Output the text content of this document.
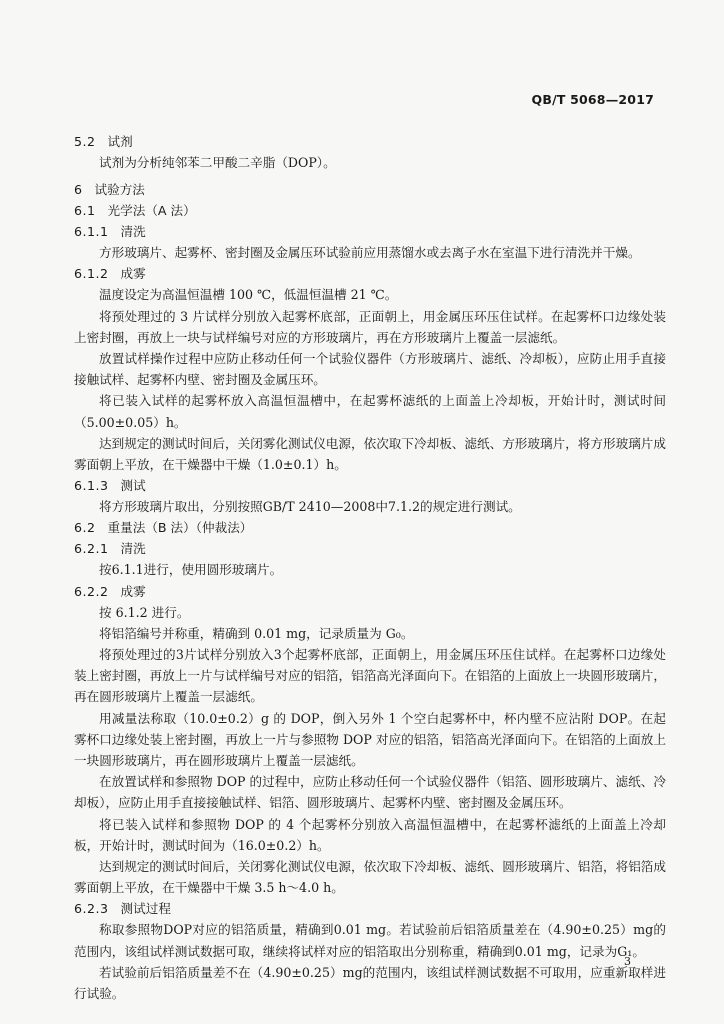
QB/T 5068—2017
5.2 试剂

试剂为分析纯邻苯二甲酸二辛脂（DOP）。

6 试验方法
6.1 光学法（A 法）
6.1.1 清洗

方形玻璃片、起雾杯、密封圈及金属压环试验前应用蒸馏水或去离子水在室温下进行清洗并干燥。

6.1.2 成雾

温度设定为高温恒温槽 100 ℃，低温恒温槽 21 ℃。

将预处理过的 3 片试样分别放入起雾杯底部，正面朝上，用金属压环压住试样。在起雾杯口边缘处装上密封圈，再放上一块与试样编号对应的方形玻璃片，再在方形玻璃片上覆盖一层滤纸。

放置试样操作过程中应防止移动任何一个试验仪器件（方形玻璃片、滤纸、冷却板），应防止用手直接接触试样、起雾杯内壁、密封圈及金属压环。

将已装入试样的起雾杯放入高温恒温槽中，在起雾杯滤纸的上面盖上冷却板，开始计时，测试时间（5.00±0.05）h。

达到规定的测试时间后，关闭雾化测试仪电源，依次取下冷却板、滤纸、方形玻璃片，将方形玻璃片成雾面朝上平放，在干燥器中干燥（1.0±0.1）h。

6.1.3 测试

将方形玻璃片取出，分别按照GB/T 2410—2008中7.1.2的规定进行测试。

6.2 重量法（B 法）（仲裁法）
6.2.1 清洗

按6.1.1进行，使用圆形玻璃片。

6.2.2 成雾

按 6.1.2 进行。

将铝箔编号并称重，精确到 0.01 mg，记录质量为 G₀。

将预处理过的3片试样分别放入3个起雾杯底部，正面朝上，用金属压环压住试样。在起雾杯口边缘处装上密封圈，再放上一片与试样编号对应的铝箔，铝箔高光泽面向下。在铝箔的上面放上一块圆形玻璃片，再在圆形玻璃片上覆盖一层滤纸。

用减量法称取（10.0±0.2）g 的 DOP，倒入另外 1 个空白起雾杯中，杯内壁不应沾附 DOP。在起雾杯口边缘处装上密封圈，再放上一片与参照物 DOP 对应的铝箔，铝箔高光泽面向下。在铝箔的上面放上一块圆形玻璃片，再在圆形玻璃片上覆盖一层滤纸。

在放置试样和参照物 DOP 的过程中，应防止移动任何一个试验仪器件（铝箔、圆形玻璃片、滤纸、冷却板），应防止用手直接接触试样、铝箔、圆形玻璃片、起雾杯内壁、密封圈及金属压环。

将已装入试样和参照物 DOP 的 4 个起雾杯分别放入高温恒温槽中，在起雾杯滤纸的上面盖上冷却板，开始计时，测试时间为（16.0±0.2）h。

达到规定的测试时间后，关闭雾化测试仪电源，依次取下冷却板、滤纸、圆形玻璃片、铝箔，将铝箔成雾面朝上平放，在干燥器中干燥 3.5 h～4.0 h。

6.2.3 测试过程

称取参照物DOP对应的铝箔质量，精确到0.01 mg。若试验前后铝箔质量差在（4.90±0.25）mg的范围内，该组试样测试数据可取，继续将试样对应的铝箔取出分别称重，精确到0.01 mg，记录为G₁。

若试验前后铝箔质量差不在（4.90±0.25）mg的范围内，该组试样测试数据不可取用，应重新取样进行试验。

3
